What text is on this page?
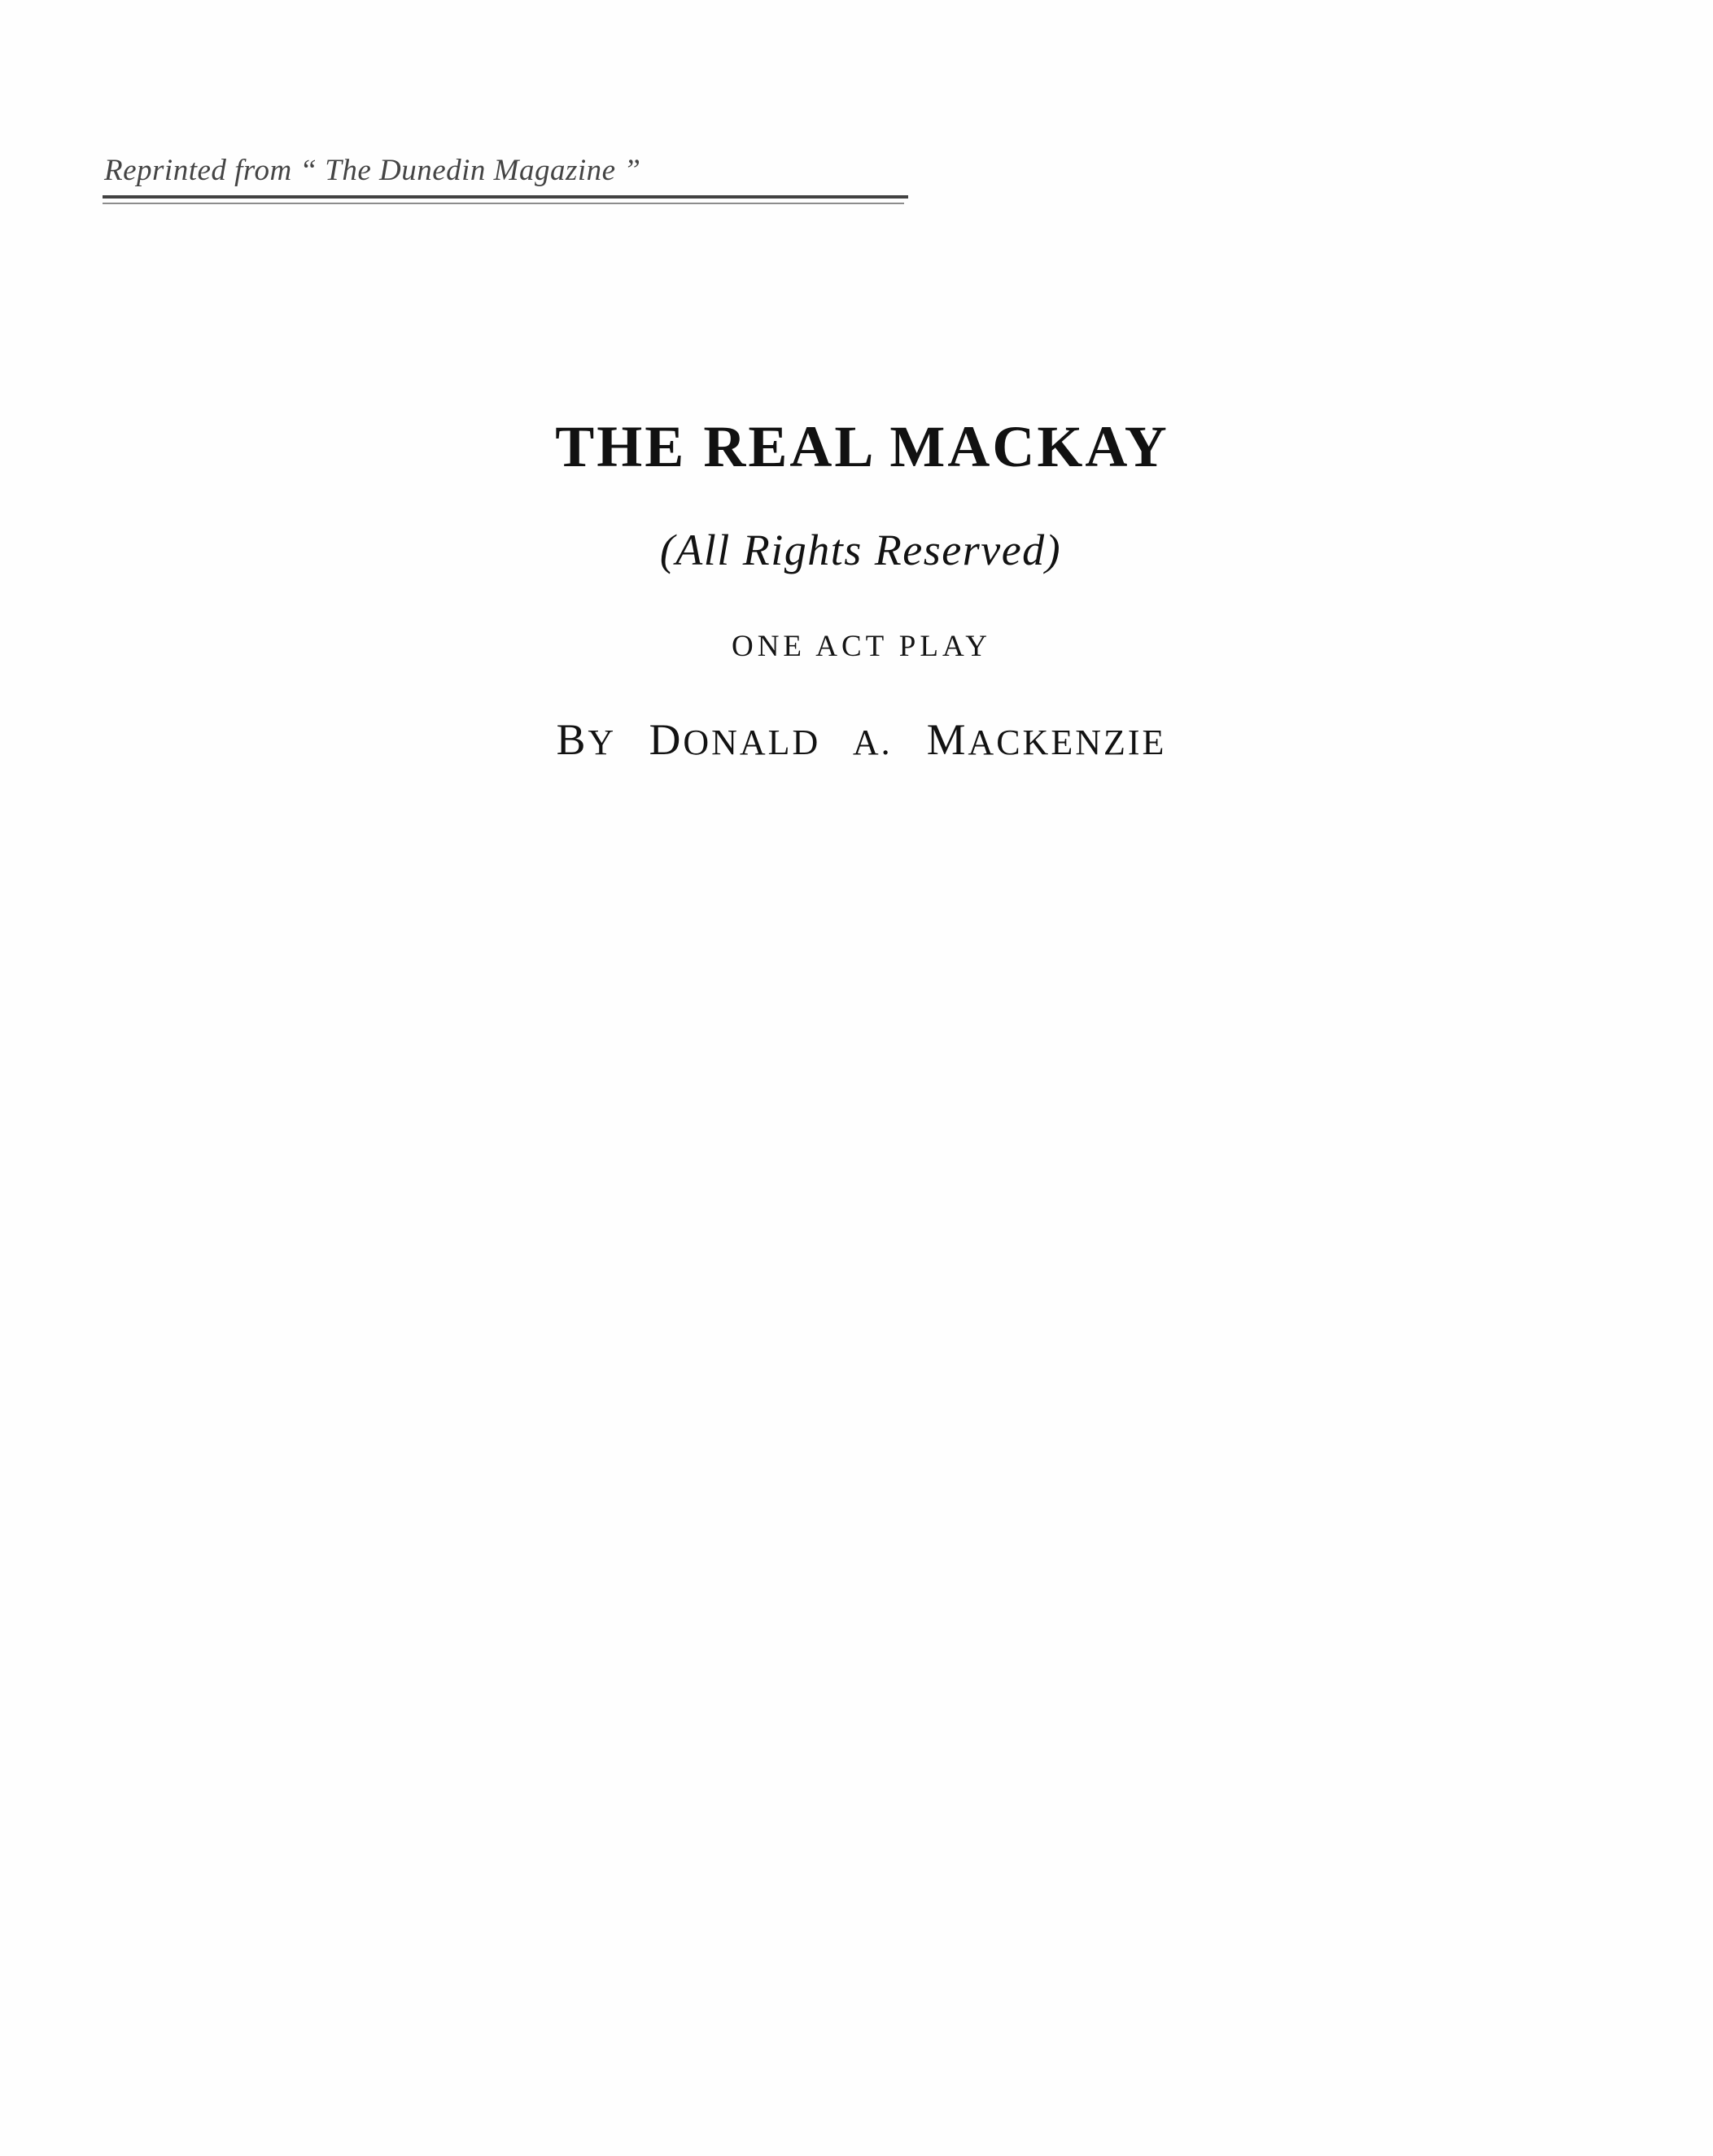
Reprinted from “ The Dunedin Magazine ”
THE REAL MACKAY
(All Rights Reserved)
ONE ACT PLAY
BY DONALD A. MACKENZIE
